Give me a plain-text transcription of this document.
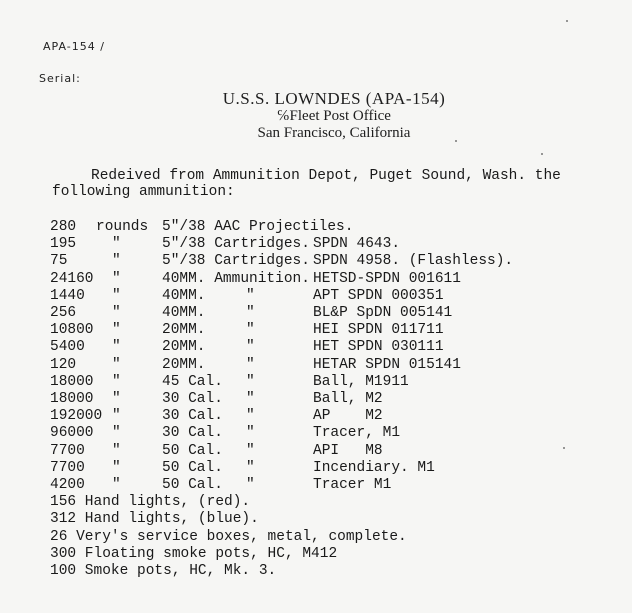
APA-154 /
Serial:
U.S.S. LOWNDES (APA-154)
℅Fleet Post Office
San Francisco, California
Redeived from Ammunition Depot, Puget Sound, Wash. the
following ammunition:
280 rounds 5"/38 AAC Projectiles.
195 "	5"/38 Cartridges. SPDN 4643.
75	"	5"/38 Cartridges. SPDN 4958. (Flashless).
24160 "	40MM. Ammunition. HETSD-SPDN 001611
1440 "	40MM.	"	APT SPDN 000351
256 "	40MM.	"	BL&P SpDN 005141
10800 "	20MM.	"	HEI SPDN 011711
5400 "	20MM.	"	HET SPDN 030111
120 "	20MM.	"	HETAR SPDN 015141
18000 "	45 Cal. "	Ball, M1911
18000 "	30 Cal. "	Ball, M2
192000 "	30 Cal. "	AP    M2
96000 "	30 Cal. "	Tracer, M1
7700 "	50 Cal. "	API   M8
7700 "	50 Cal. "	Incendiary. M1
4200 "	50 Cal. "	Tracer M1
156 Hand lights, (red).
312 Hand lights, (blue).
26 Very's service boxes, metal, complete.
300 Floating smoke pots, HC, M412
100 Smoke pots, HC, Mk. 3.
